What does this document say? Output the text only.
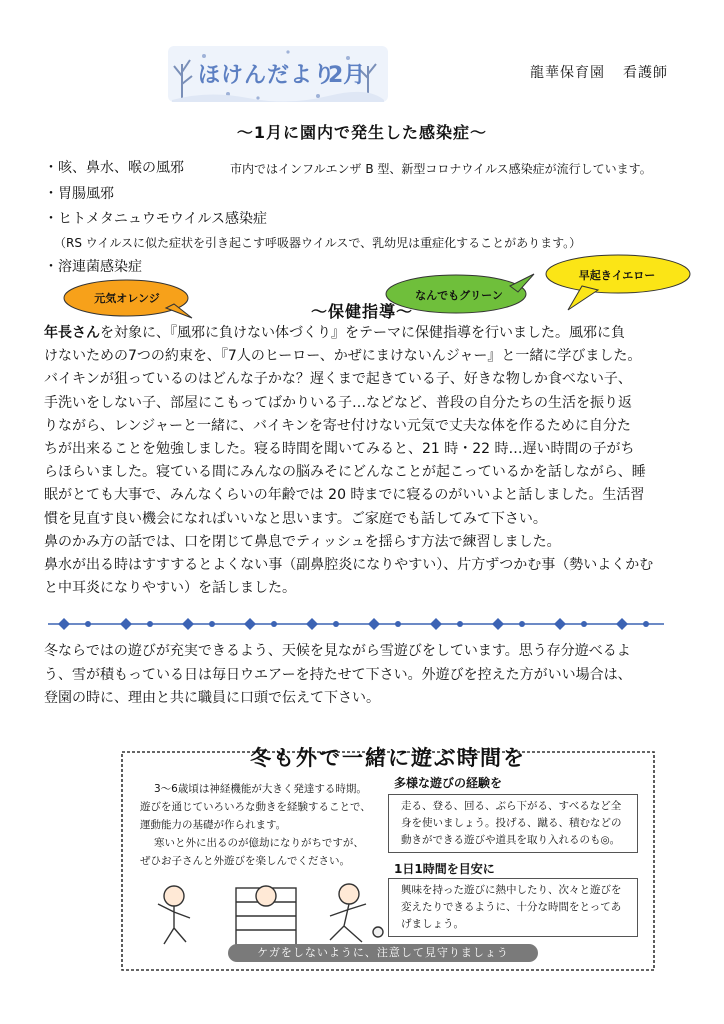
ほけんだより
2月	龍華保育園 看護師
～1月に園内で発生した感染症～
・咳、鼻水、喉の風邪	市内ではインフルエンザ B 型、新型コロナウイルス感染症が流行しています。
・胃腸風邪
・ヒトメタニュウモウイルス感染症
（RS ウイルスに似た症状を引き起こす呼吸器ウイルスで、乳幼児は重症化することがあります。）
・溶連菌感染症
元気オレンジ	なんでもグリーン
早起きイエロー
～保健指導～

年長さんを対象に、『風邪に負けない体づくり』をテーマに保健指導を行いました。風邪に負

けないための7つの約束を、『7人のヒーロー、かぜにまけないんジャー』と一緒に学びました。

バイキンが狙っているのはどんな子かな？遅くまで起きている子、好きな物しか食べない子、

手洗いをしない子、部屋にこもってばかりいる子…などなど、普段の自分たちの生活を振り返

りながら、レンジャーと一緒に、バイキンを寄せ付けない元気で丈夫な体を作るために自分た

ちが出来ることを勉強しました。寝る時間を聞いてみると、21 時・22 時…遅い時間の子がち

らほらいました。寝ている間にみんなの脳みそにどんなことが起こっているかを話しながら、睡

眠がとても大事で、みんなくらいの年齢では 20 時までに寝るのがいいよと話しました。生活習

慣を見直す良い機会になればいいなと思います。ご家庭でも話してみて下さい。

鼻のかみ方の話では、口を閉じて鼻息でティッシュを揺らす方法で練習しました。

鼻水が出る時はすすするとよくない事（副鼻腔炎になりやすい）、片方ずつかむ事（勢いよくかむ

と中耳炎になりやすい）を話しました。

冬ならではの遊びが充実できるよう、天候を見ながら雪遊びをしています。思う存分遊べるよ

う、雪が積もっている日は毎日ウエアーを持たせて下さい。外遊びを控えた方がいい場合は、

登園の時に、理由と共に職員に口頭で伝えて下さい。

冬も外で一緒に遊ぶ時間を

3～6歳頃は神経機能が大きく発達する時期。

遊びを通じていろいろな動きを経験することで、

運動能力の基礎が作られます。

寒いと外に出るのが億劫になりがちですが、

ぜひお子さんと外遊びを楽しんでください。

多様な遊びの経験を

走る、登る、回る、ぶら下がる、すべるなど全

身を使いましょう。投げる、蹴る、積むなどの

動きができる遊びや道具を取り入れるのも◎。

1日1時間を目安に

興味を持った遊びに熱中したり、次々と遊びを

変えたりできるように、十分な時間をとってあ

げましょう。

ケガをしないように、注意して見守りましょう
